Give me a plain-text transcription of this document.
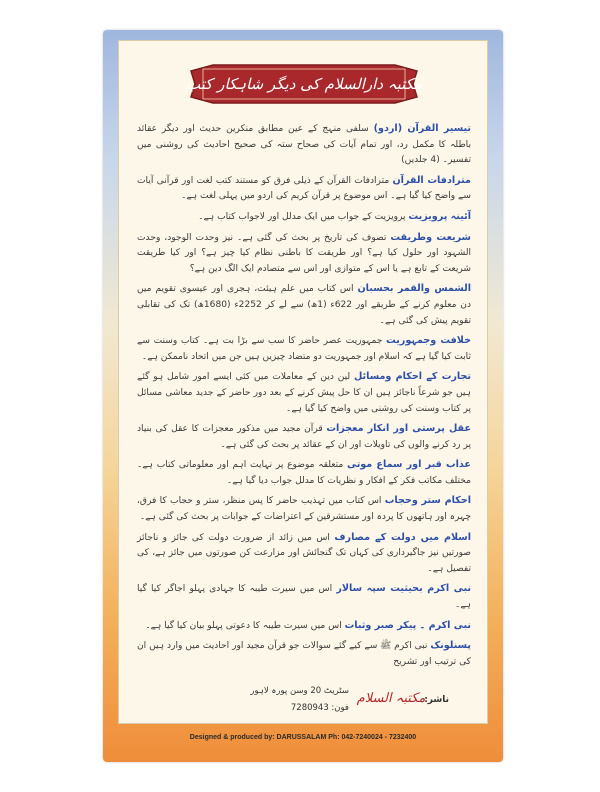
مکتبہ دارالسلام کی دیگر شاہکار کتب

تیسیر القرآن (اردو) سلفی منہج کے عین مطابق منکرین حدیث اور دیگر عقائد باطلہ کا مکمل رد، اور تمام آیات کی صحاح ستہ کی صحیح احادیث کی روشنی میں تفسیر۔ (4 جلدیں)

مترادفات القرآن مترادفات القرآن کے ذیلی فرق کو مستند کتب لغت اور قرآنی آیات سے واضح کیا گیا ہے۔ اس موضوع پر قرآن کریم کی اردو میں پہلی لغت ہے۔

آئینہ پرویزیت پرویزیت کے جواب میں ایک مدلل اور لاجواب کتاب ہے۔

شریعت وطریقت تصوف کی تاریخ پر بحث کی گئی ہے۔ نیز وحدت الوجود، وحدت الشہود اور حلول کیا ہے؟ اور طریقت کا باطنی نظام کیا چیز ہے؟ اور کیا طریقت شریعت کے تابع ہے یا اس کے متوازی اور اس سے متصادم ایک الگ دین ہے؟

الشمس والقمر بحسبان اس کتاب میں علم ہیئت، ہجری اور عیسوی تقویم میں دن معلوم کرنے کے طریقے اور 622ء (1ھ) سے لے کر 2252ء (1680ھ) تک کی تقابلی تقویم پیش کی گئی ہے۔

خلافت وجمہوریت جمہوریت عصر حاضر کا سب سے بڑا بت ہے۔ کتاب وسنت سے ثابت کیا گیا ہے کہ اسلام اور جمہوریت دو متضاد چیزیں ہیں جن میں اتحاد ناممکن ہے۔

تجارت کے احکام ومسائل لین دین کے معاملات میں کئی ایسے امور شامل ہو گئے ہیں جو شرعاً ناجائز ہیں ان کا حل پیش کرنے کے بعد دور حاضر کے جدید معاشی مسائل پر کتاب وسنت کی روشنی میں واضح کیا گیا ہے۔

عقل پرستی اور انکار معجزات قرآن مجید میں مذکور معجزات کا عقل کی بنیاد پر رد کرنے والوں کی تاویلات اور ان کے عقائد پر بحث کی گئی ہے۔

عذاب قبر اور سماع موتی متعلقہ موضوع پر نہایت اہم اور معلوماتی کتاب ہے۔ مختلف مکاتب فکر کے افکار و نظریات کا مدلل جواب دیا گیا ہے۔

احکام ستر وحجاب اس کتاب میں تہذیب حاضر کا پس منظر، ستر و حجاب کا فرق، چہرہ اور ہاتھوں کا پردہ اور مستشرقین کے اعتراضات کے جوابات پر بحث کی گئی ہے۔

اسلام میں دولت کے مصارف اس میں زائد از ضرورت دولت کی جائز و ناجائز صورتیں نیز جاگیرداری کی کہاں تک گنجائش اور مزارعت کن صورتوں میں جائز ہے، کی تفصیل ہے۔

نبی اکرم بحیثیت سپہ سالار اس میں سیرت طیبہ کا جہادی پہلو اجاگر کیا گیا ہے۔

نبی اکرم ۔ پیکر صبر وثبات اس میں سیرت طیبہ کا دعوتی پہلو بیان کیا گیا ہے۔

پسنلونک نبی اکرم ﷺ سے کیے گئے سوالات جو قرآن مجید اور احادیث میں وارد ہیں ان کی ترتیب اور تشریح

ناشر:
مکتبہ السلام
سٹریٹ 20 وسن پورہ لاہور
فون: 7280943
Designed & produced by: DARUSSALAM Ph: 042-7240024 - 7232400
